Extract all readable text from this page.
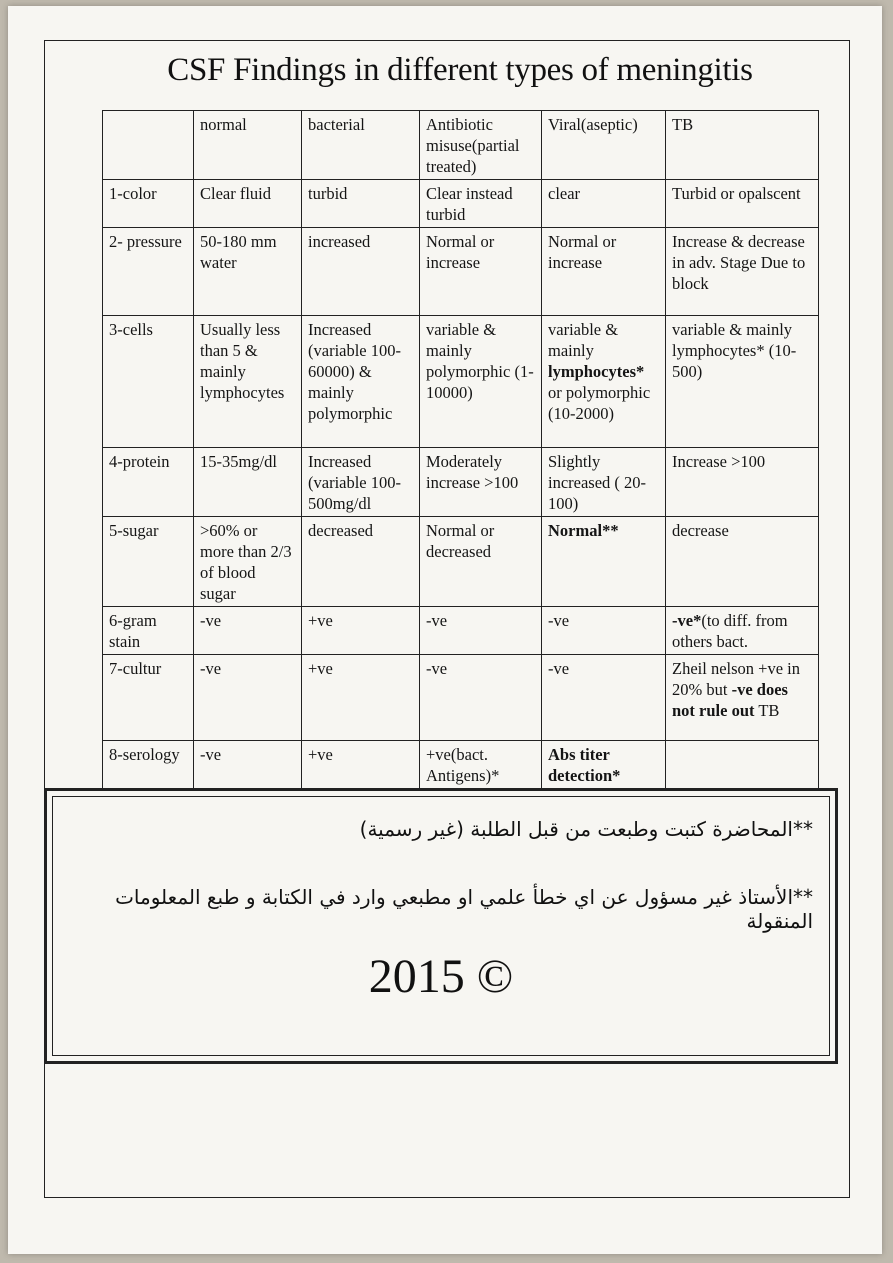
CSF Findings in different types of meningitis
	normal	bacterial	Antibiotic misuse(partial treated)	Viral(aseptic)	TB
1-color	Clear fluid	turbid	Clear instead turbid	clear	Turbid or opalscent
2- pressure	50-180 mm water	increased	Normal or increase	Normal or increase	Increase & decrease in adv. Stage Due to block
3-cells	Usually less than 5 & mainly lymphocytes	Increased (variable 100-60000) & mainly polymorphic	variable & mainly polymorphic (1-10000)	variable & mainly lymphocytes* or polymorphic (10-2000)	variable & mainly lymphocytes* (10-500)
4-protein	15-35mg/dl	Increased (variable 100-500mg/dl	Moderately increase >100	Slightly increased ( 20-100)	Increase >100
5-sugar	>60% or more than 2/3 of blood sugar	decreased	Normal or decreased	Normal**	decrease
6-gram stain	-ve	+ve	-ve	-ve	-ve*(to diff. from others bact.
7-cultur	-ve	+ve	-ve	-ve	Zheil nelson +ve in 20% but -ve does not rule out TB
8-serology	-ve	+ve	+ve(bact. Antigens)*	Abs titer detection*	
**المحاضرة كتبت وطبعت من قبل الطلبة (غير رسمية)
**الأستاذ غير مسؤول عن اي خطأ علمي او مطبعي وارد في الكتابة و طبع المعلومات المنقولة
2015 ©
